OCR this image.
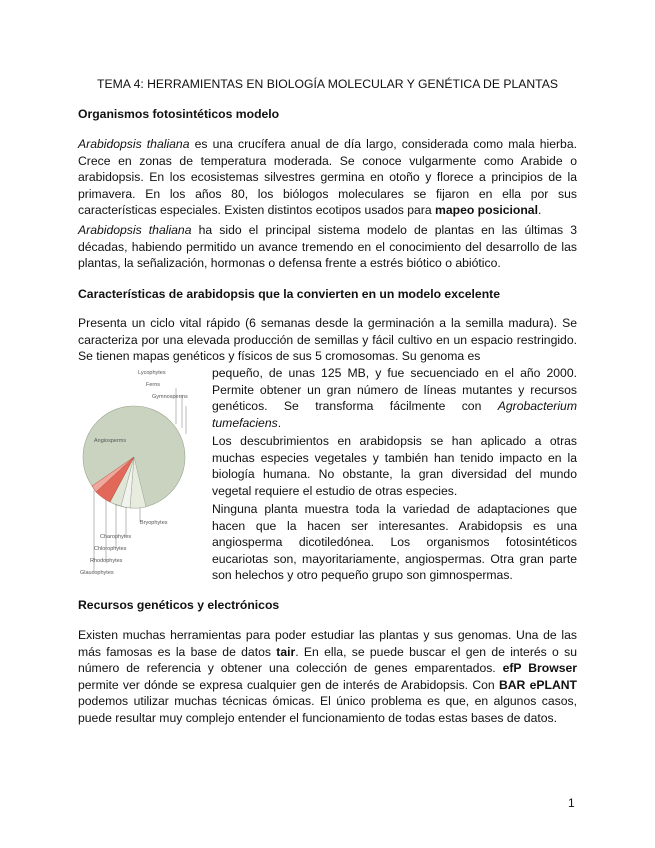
TEMA 4: HERRAMIENTAS EN BIOLOGÍA MOLECULAR Y GENÉTICA DE PLANTAS

Organismos fotosintéticos modelo

Arabidopsis thaliana es una crucífera anual de día largo, considerada como mala hierba. Crece en zonas de temperatura moderada. Se conoce vulgarmente como Arabide o arabidopsis. En los ecosistemas silvestres germina en otoño y florece a principios de la primavera. En los años 80, los biólogos moleculares se fijaron en ella por sus características especiales. Existen distintos ecotipos usados para mapeo posicional.

Arabidopsis thaliana ha sido el principal sistema modelo de plantas en las últimas 3 décadas, habiendo permitido un avance tremendo en el conocimiento del desarrollo de las plantas, la señalización, hormonas o defensa frente a estrés biótico o abiótico.

Características de arabidopsis que la convierten en un modelo excelente

Presenta un ciclo vital rápido (6 semanas desde la germinación a la semilla madura). Se caracteriza por una elevada producción de semillas y fácil cultivo en un espacio restringido. Se tienen mapas genéticos y físicos de sus 5 cromosomas. Su genoma es

pequeño, de unas 125 MB, y fue secuenciado en el año 2000. Permite obtener un gran número de líneas mutantes y recursos genéticos. Se transforma fácilmente con Agrobacterium tumefaciens.

Los descubrimientos en arabidopsis se han aplicado a otras muchas especies vegetales y también han tenido impacto en la biología humana. No obstante, la gran diversidad del mundo vegetal requiere el estudio de otras especies.

Ninguna planta muestra toda la variedad de adaptaciones que hacen que la hacen ser interesantes. Arabidopsis es una angiosperma dicotiledónea. Los organismos fotosintéticos eucariotas son, mayoritariamente, angiospermas. Otra gran parte son helechos y otro pequeño grupo son gimnospermas.

Lycophytes
Ferns
Gymnosperms
Angiosperms
Bryophytes
Charophytes
Chlorophytes
Rhodophytes
Glaucophytes

Recursos genéticos y electrónicos

Existen muchas herramientas para poder estudiar las plantas y sus genomas. Una de las más famosas es la base de datos tair. En ella, se puede buscar el gen de interés o su número de referencia y obtener una colección de genes emparentados. efP Browser permite ver dónde se expresa cualquier gen de interés de Arabidopsis. Con BAR ePLANT podemos utilizar muchas técnicas ómicas. El único problema es que, en algunos casos, puede resultar muy complejo entender el funcionamiento de todas estas bases de datos.

1
